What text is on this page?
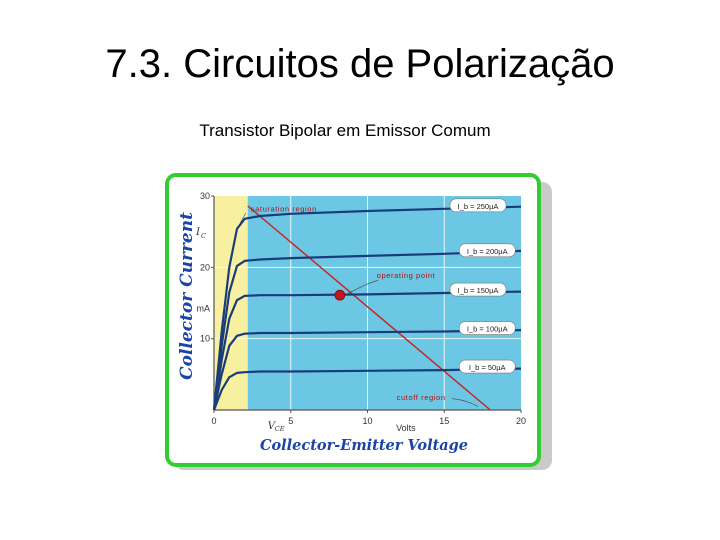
7.3. Circuitos de Polarização
Transistor Bipolar em Emissor Comum
0	5	10	15	20
10
20
30
I C
mA
V CE	Volts
I_b = 250µA
I_b = 200µA
I_b = 150µA
I_b = 100µA
I_b = 50µA
saturation region
operating point
cutoff region
Collector Current
Collector-Emitter Voltage
